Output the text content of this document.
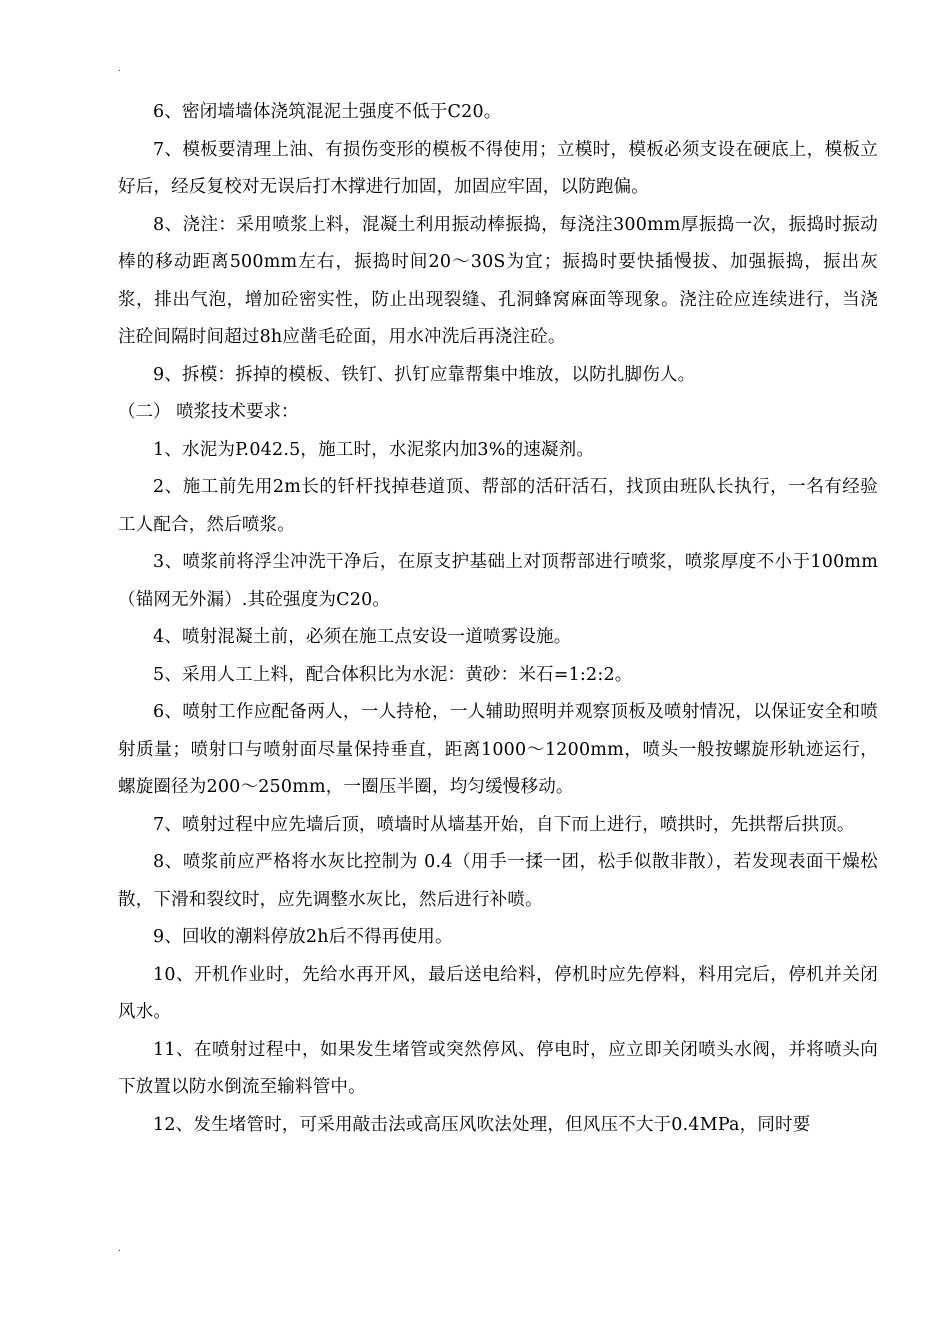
.

6、密闭墙墙体浇筑混泥土强度不低于C20。

7、模板要清理上油、有损伤变形的模板不得使用；立模时，模板必须支设在硬底上，模板立好后，经反复校对无误后打木撑进行加固，加固应牢固，以防跑偏。

8、浇注：采用喷浆上料，混凝土利用振动棒振捣，每浇注300mm厚振捣一次，振捣时振动棒的移动距离500mm左右，振捣时间20～30S为宜；振捣时要快插慢拔、加强振捣，振出灰浆，排出气泡，增加砼密实性，防止出现裂缝、孔洞蜂窝麻面等现象。浇注砼应连续进行，当浇注砼间隔时间超过8h应凿毛砼面，用水冲洗后再浇注砼。

9、拆模：拆掉的模板、铁钉、扒钉应靠帮集中堆放，以防扎脚伤人。

（二） 喷浆技术要求：

1、水泥为P.042.5，施工时，水泥浆内加3%的速凝剂。

2、施工前先用2m长的钎杆找掉巷道顶、帮部的活矸活石，找顶由班队长执行，一名有经验工人配合，然后喷浆。

3、喷浆前将浮尘冲洗干净后，在原支护基础上对顶帮部进行喷浆，喷浆厚度不小于100mm（锚网无外漏）.其砼强度为C20。

4、喷射混凝土前，必须在施工点安设一道喷雾设施。

5、采用人工上料，配合体积比为水泥：黄砂：米石=1:2:2。

6、喷射工作应配备两人，一人持枪，一人辅助照明并观察顶板及喷射情况，以保证安全和喷射质量；喷射口与喷射面尽量保持垂直，距离1000～1200mm，喷头一般按螺旋形轨迹运行，螺旋圈径为200～250mm，一圈压半圈，均匀缓慢移动。

7、喷射过程中应先墙后顶，喷墙时从墙基开始，自下而上进行，喷拱时，先拱帮后拱顶。

8、喷浆前应严格将水灰比控制为 0.4（用手一揉一团，松手似散非散），若发现表面干燥松散，下滑和裂纹时，应先调整水灰比，然后进行补喷。

9、回收的潮料停放2h后不得再使用。

10、开机作业时，先给水再开风，最后送电给料，停机时应先停料，料用完后，停机并关闭风水。

11、在喷射过程中，如果发生堵管或突然停风、停电时，应立即关闭喷头水阀，并将喷头向下放置以防水倒流至输料管中。

12、发生堵管时，可采用敲击法或高压风吹法处理，但风压不大于0.4MPa，同时要

.
